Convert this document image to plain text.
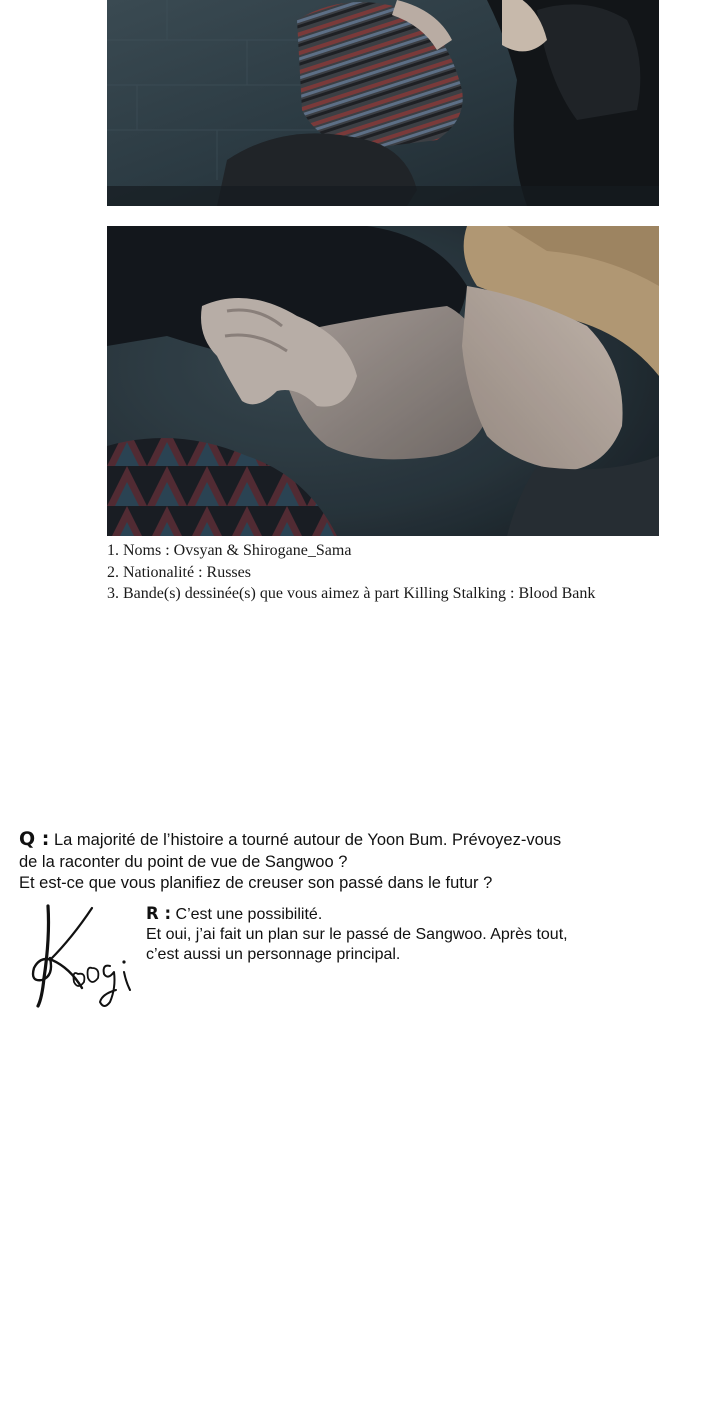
1. Noms : Ovsyan & Shirogane_Sama
2. Nationalité : Russes
3. Bande(s) dessinée(s) que vous aimez à part Killing Stalking : Blood Bank
Q : La majorité de l’histoire a tourné autour de Yoon Bum. Prévoyez-vous
de la raconter du point de vue de Sangwoo ?
Et est-ce que vous planifiez de creuser son passé dans le futur ?
R : C’est une possibilité.
Et oui, j’ai fait un plan sur le passé de Sangwoo. Après tout,
c’est aussi un personnage principal.
